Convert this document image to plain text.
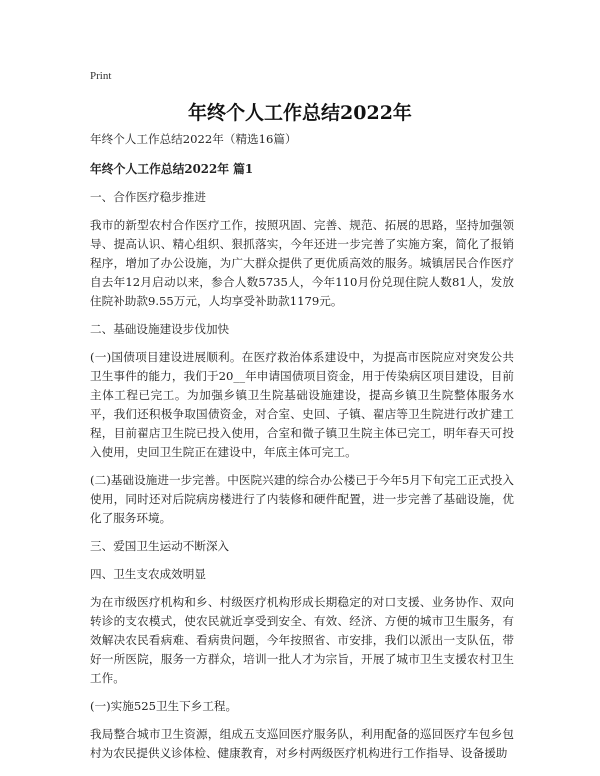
Print
年终个人工作总结2022年

年终个人工作总结2022年（精选16篇）

年终个人工作总结2022年 篇1

一、合作医疗稳步推进

我市的新型农村合作医疗工作，按照巩固、完善、规范、拓展的思路，坚持加强领导、提高认识、精心组织、狠抓落实，今年还进一步完善了实施方案，简化了报销程序，增加了办公设施，为广大群众提供了更优质高效的服务。城镇居民合作医疗自去年12月启动以来，参合人数5735人，今年110月份兑现住院人数81人，发放住院补助款9.55万元，人均享受补助款1179元。

二、基础设施建设步伐加快

(一)国债项目建设进展顺利。在医疗救治体系建设中，为提高市医院应对突发公共卫生事件的能力，我们于20__年申请国债项目资金，用于传染病区项目建设，目前主体工程已完工。为加强乡镇卫生院基础设施建设，提高乡镇卫生院整体服务水平，我们还积极争取国债资金，对合室、史回、子镇、翟店等卫生院进行改扩建工程，目前翟店卫生院已投入使用，合室和微子镇卫生院主体已完工，明年春天可投入使用，史回卫生院正在建设中，年底主体可完工。

(二)基础设施进一步完善。中医院兴建的综合办公楼已于今年5月下旬完工正式投入使用，同时还对后院病房楼进行了内装修和硬件配置，进一步完善了基础设施，优化了服务环境。

三、爱国卫生运动不断深入

四、卫生支农成效明显

为在市级医疗机构和乡、村级医疗机构形成长期稳定的对口支援、业务协作、双向转诊的支农模式，使农民就近享受到安全、有效、经济、方便的城市卫生服务，有效解决农民看病难、看病贵问题，今年按照省、市安排，我们以派出一支队伍，带好一所医院，服务一方群众，培训一批人才为宗旨，开展了城市卫生支援农村卫生工作。

(一)实施525卫生下乡工程。

我局整合城市卫生资源，组成五支巡回医疗服务队，利用配备的巡回医疗车包乡包村为农民提供义诊体检、健康教育，对乡村两级医疗机构进行工作指导、设备援助
